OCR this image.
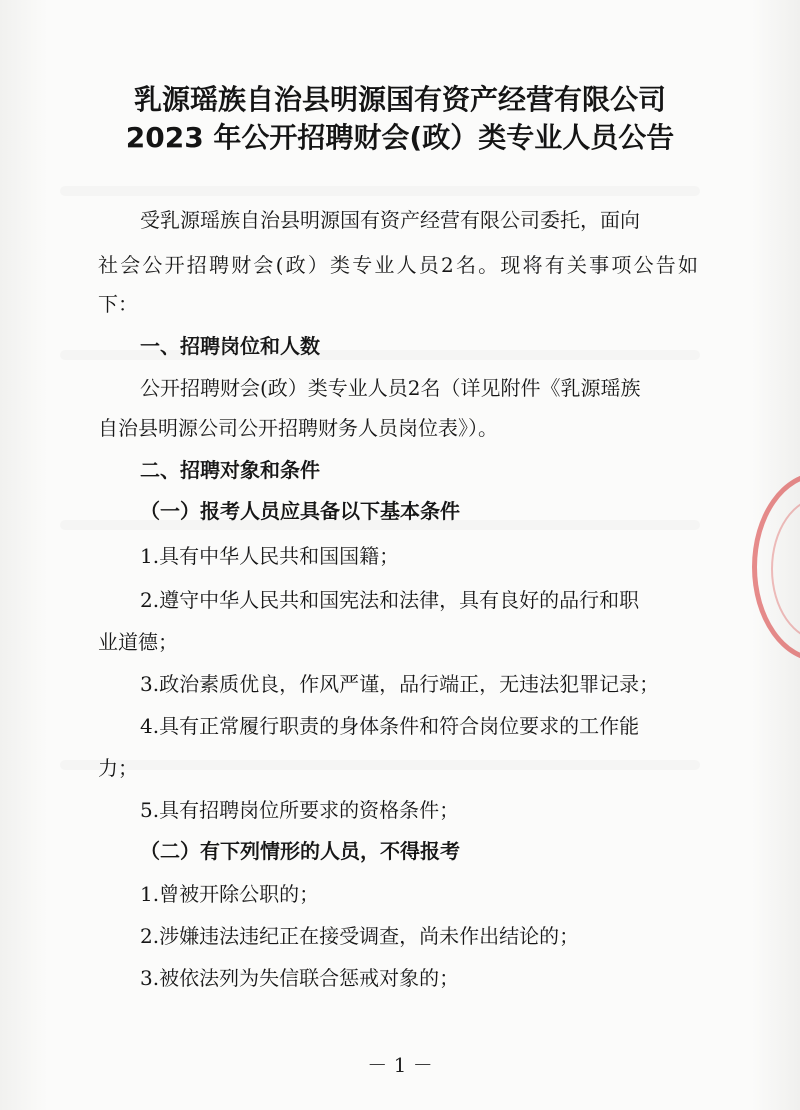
乳源瑶族自治县明源国有资产经营有限公司
2023 年公开招聘财会(政）类专业人员公告
受乳源瑶族自治县明源国有资产经营有限公司委托，面向
社会公开招聘财会(政）类专业人员2名。现将有关事项公告如
下：
一、招聘岗位和人数
公开招聘财会(政）类专业人员2名（详见附件《乳源瑶族
自治县明源公司公开招聘财务人员岗位表》）。
二、招聘对象和条件
（一）报考人员应具备以下基本条件
1.具有中华人民共和国国籍；
2.遵守中华人民共和国宪法和法律，具有良好的品行和职
业道德；
3.政治素质优良，作风严谨，品行端正，无违法犯罪记录；
4.具有正常履行职责的身体条件和符合岗位要求的工作能
力；
5.具有招聘岗位所要求的资格条件；
（二）有下列情形的人员，不得报考
1.曾被开除公职的；
2.涉嫌违法违纪正在接受调查，尚未作出结论的；
3.被依法列为失信联合惩戒对象的；
－ 1 －
